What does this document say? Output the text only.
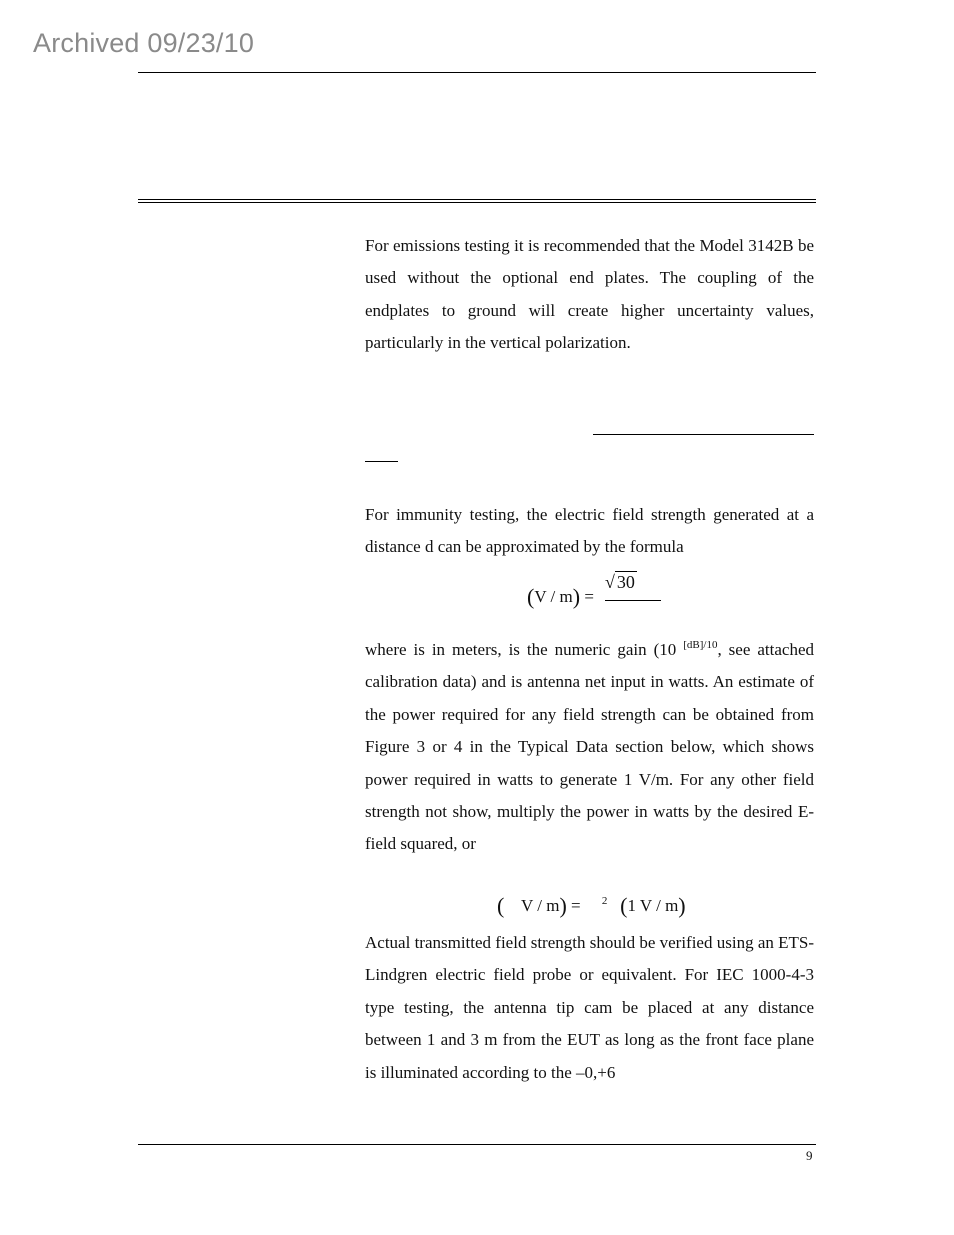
Archived 09/23/10

For emissions testing it is recommended that the Model 3142B be used without the optional end plates. The coupling of the endplates to ground will create higher uncertainty values, particularly in the vertical polarization.

For immunity testing, the electric field strength generated at a distance d can be approximated by the formula

(V / m) =
√ 30

where is in meters, is the numeric gain (10 $^{[dB]/10}$, see attached calibration data) and is antenna net input in watts. An estimate of the power required for any field strength can be obtained from Figure 3 or 4 in the Typical Data section below, which shows power required in watts to generate 1 V/m. For any other field strength not show, multiply the power in watts by the desired E-field squared, or

(    V / m) = $^2$ (1 V / m)

Actual transmitted field strength should be verified using an ETS-Lindgren electric field probe or equivalent. For IEC 1000-4-3 type testing, the antenna tip cam be placed at any distance between 1 and 3 m from the EUT as long as the front face plane is illuminated according to the –0,+6

9
